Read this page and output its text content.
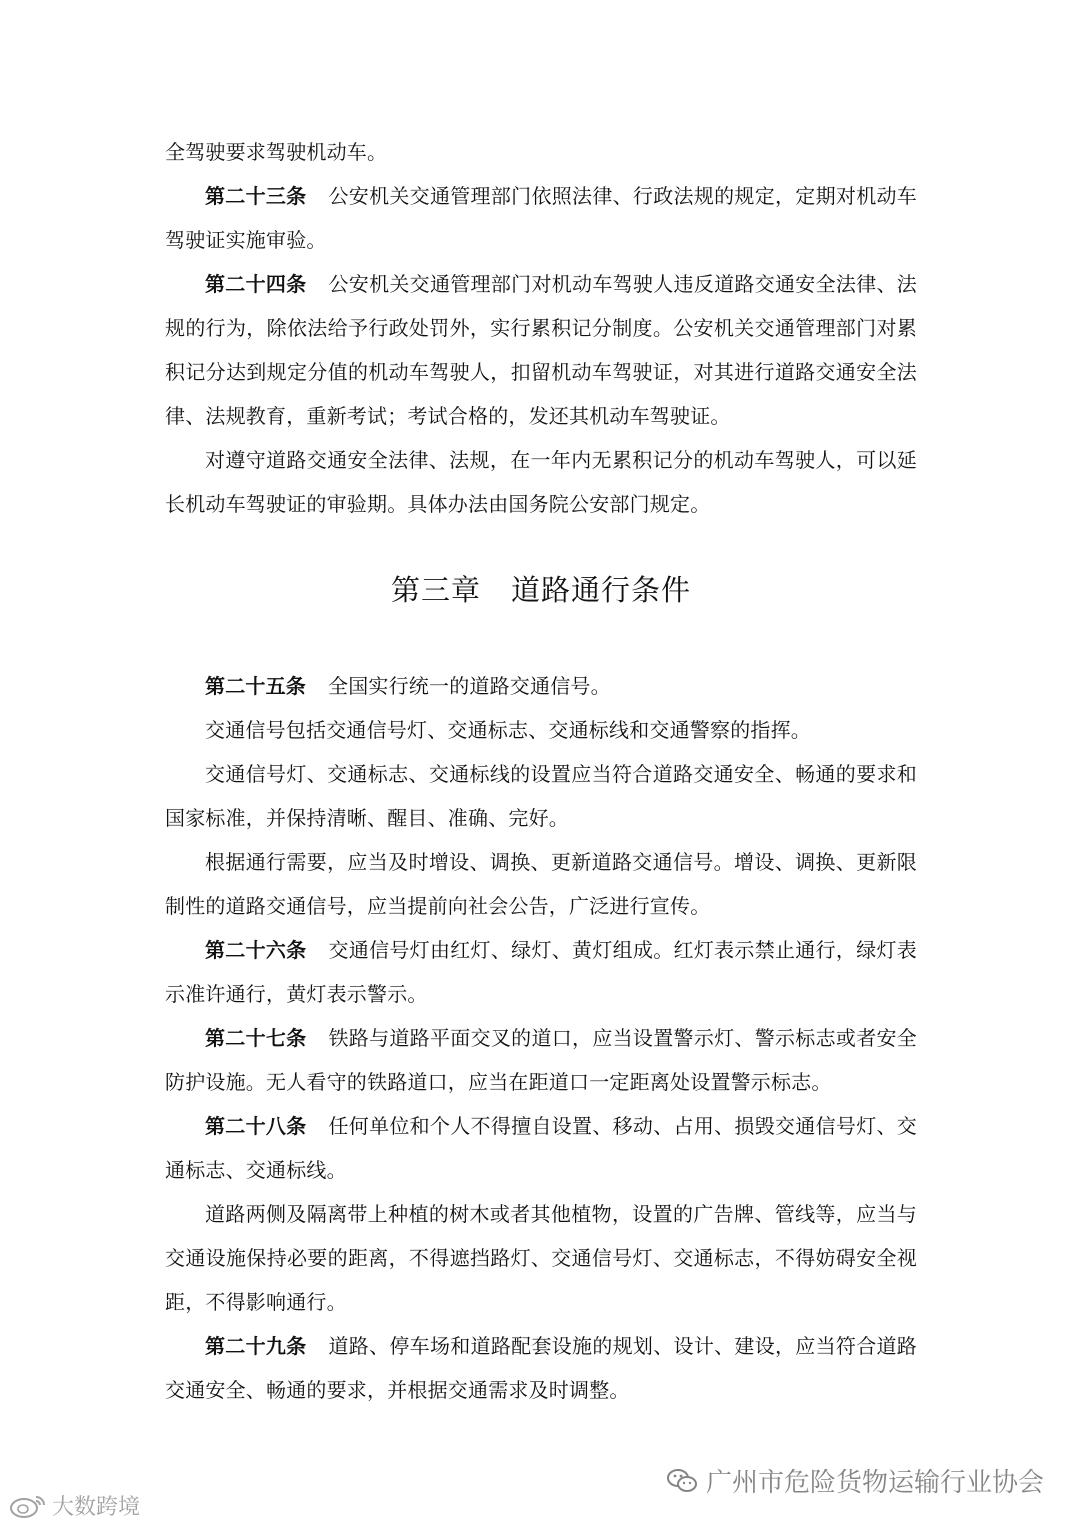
全驾驶要求驾驶机动车。

第二十三条 公安机关交通管理部门依照法律、行政法规的规定，定期对机动车驾驶证实施审验。

第二十四条 公安机关交通管理部门对机动车驾驶人违反道路交通安全法律、法规的行为，除依法给予行政处罚外，实行累积记分制度。公安机关交通管理部门对累积记分达到规定分值的机动车驾驶人，扣留机动车驾驶证，对其进行道路交通安全法律、法规教育，重新考试；考试合格的，发还其机动车驾驶证。

对遵守道路交通安全法律、法规，在一年内无累积记分的机动车驾驶人，可以延长机动车驾驶证的审验期。具体办法由国务院公安部门规定。

第三章 道路通行条件

第二十五条 全国实行统一的道路交通信号。

交通信号包括交通信号灯、交通标志、交通标线和交通警察的指挥。

交通信号灯、交通标志、交通标线的设置应当符合道路交通安全、畅通的要求和国家标准，并保持清晰、醒目、准确、完好。

根据通行需要，应当及时增设、调换、更新道路交通信号。增设、调换、更新限制性的道路交通信号，应当提前向社会公告，广泛进行宣传。

第二十六条 交通信号灯由红灯、绿灯、黄灯组成。红灯表示禁止通行，绿灯表示准许通行，黄灯表示警示。

第二十七条 铁路与道路平面交叉的道口，应当设置警示灯、警示标志或者安全防护设施。无人看守的铁路道口，应当在距道口一定距离处设置警示标志。

第二十八条 任何单位和个人不得擅自设置、移动、占用、损毁交通信号灯、交通标志、交通标线。

道路两侧及隔离带上种植的树木或者其他植物，设置的广告牌、管线等，应当与交通设施保持必要的距离，不得遮挡路灯、交通信号灯、交通标志，不得妨碍安全视距，不得影响通行。

第二十九条 道路、停车场和道路配套设施的规划、设计、建设，应当符合道路交通安全、畅通的要求，并根据交通需求及时调整。

广州市危险货物运输行业协会
大数跨境
